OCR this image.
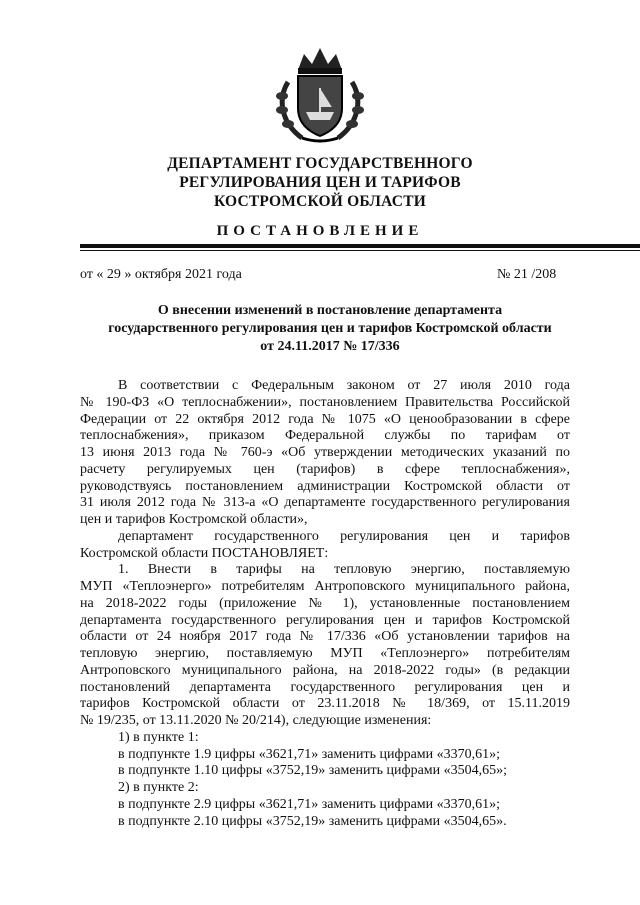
ДЕПАРТАМЕНТ ГОСУДАРСТВЕННОГО
РЕГУЛИРОВАНИЯ ЦЕН И ТАРИФОВ
КОСТРОМСКОЙ ОБЛАСТИ
ПОСТАНОВЛЕНИЕ
от « 29 » октября 2021 года	№ 21 /208
О внесении изменений в постановление департамента
государственного регулирования цен и тарифов Костромской области
от 24.11.2017 № 17/336

В соответствии с Федеральным законом от 27 июля 2010 года

№ 190-ФЗ «О теплоснабжении», постановлением Правительства Российской

Федерации от 22 октября 2012 года № 1075 «О ценообразовании в сфере

теплоснабжения», приказом Федеральной службы по тарифам от

13 июня 2013 года № 760-э «Об утверждении методических указаний по

расчету регулируемых цен (тарифов) в сфере теплоснабжения»,

руководствуясь постановлением администрации Костромской области от

31 июля 2012 года № 313-а «О департаменте государственного регулирования

цен и тарифов Костромской области»,

департамент государственного регулирования цен и тарифов

Костромской области ПОСТАНОВЛЯЕТ:

1. Внести в тарифы на тепловую энергию, поставляемую

МУП «Теплоэнерго» потребителям Антроповского муниципального района,

на 2018-2022 годы (приложение № 1), установленные постановлением

департамента государственного регулирования цен и тарифов Костромской

области от 24 ноября 2017 года № 17/336 «Об установлении тарифов на

тепловую энергию, поставляемую МУП «Теплоэнерго» потребителям

Антроповского муниципального района, на 2018-2022 годы» (в редакции

постановлений департамента государственного регулирования цен и

тарифов Костромской области от 23.11.2018 № 18/369, от 15.11.2019

№ 19/235, от 13.11.2020 № 20/214), следующие изменения:

1) в пункте 1:

в подпункте 1.9 цифры «3621,71» заменить цифрами «3370,61»;

в подпункте 1.10 цифры «3752,19» заменить цифрами «3504,65»;

2) в пункте 2:

в подпункте 2.9 цифры «3621,71» заменить цифрами «3370,61»;

в подпункте 2.10 цифры «3752,19» заменить цифрами «3504,65».
